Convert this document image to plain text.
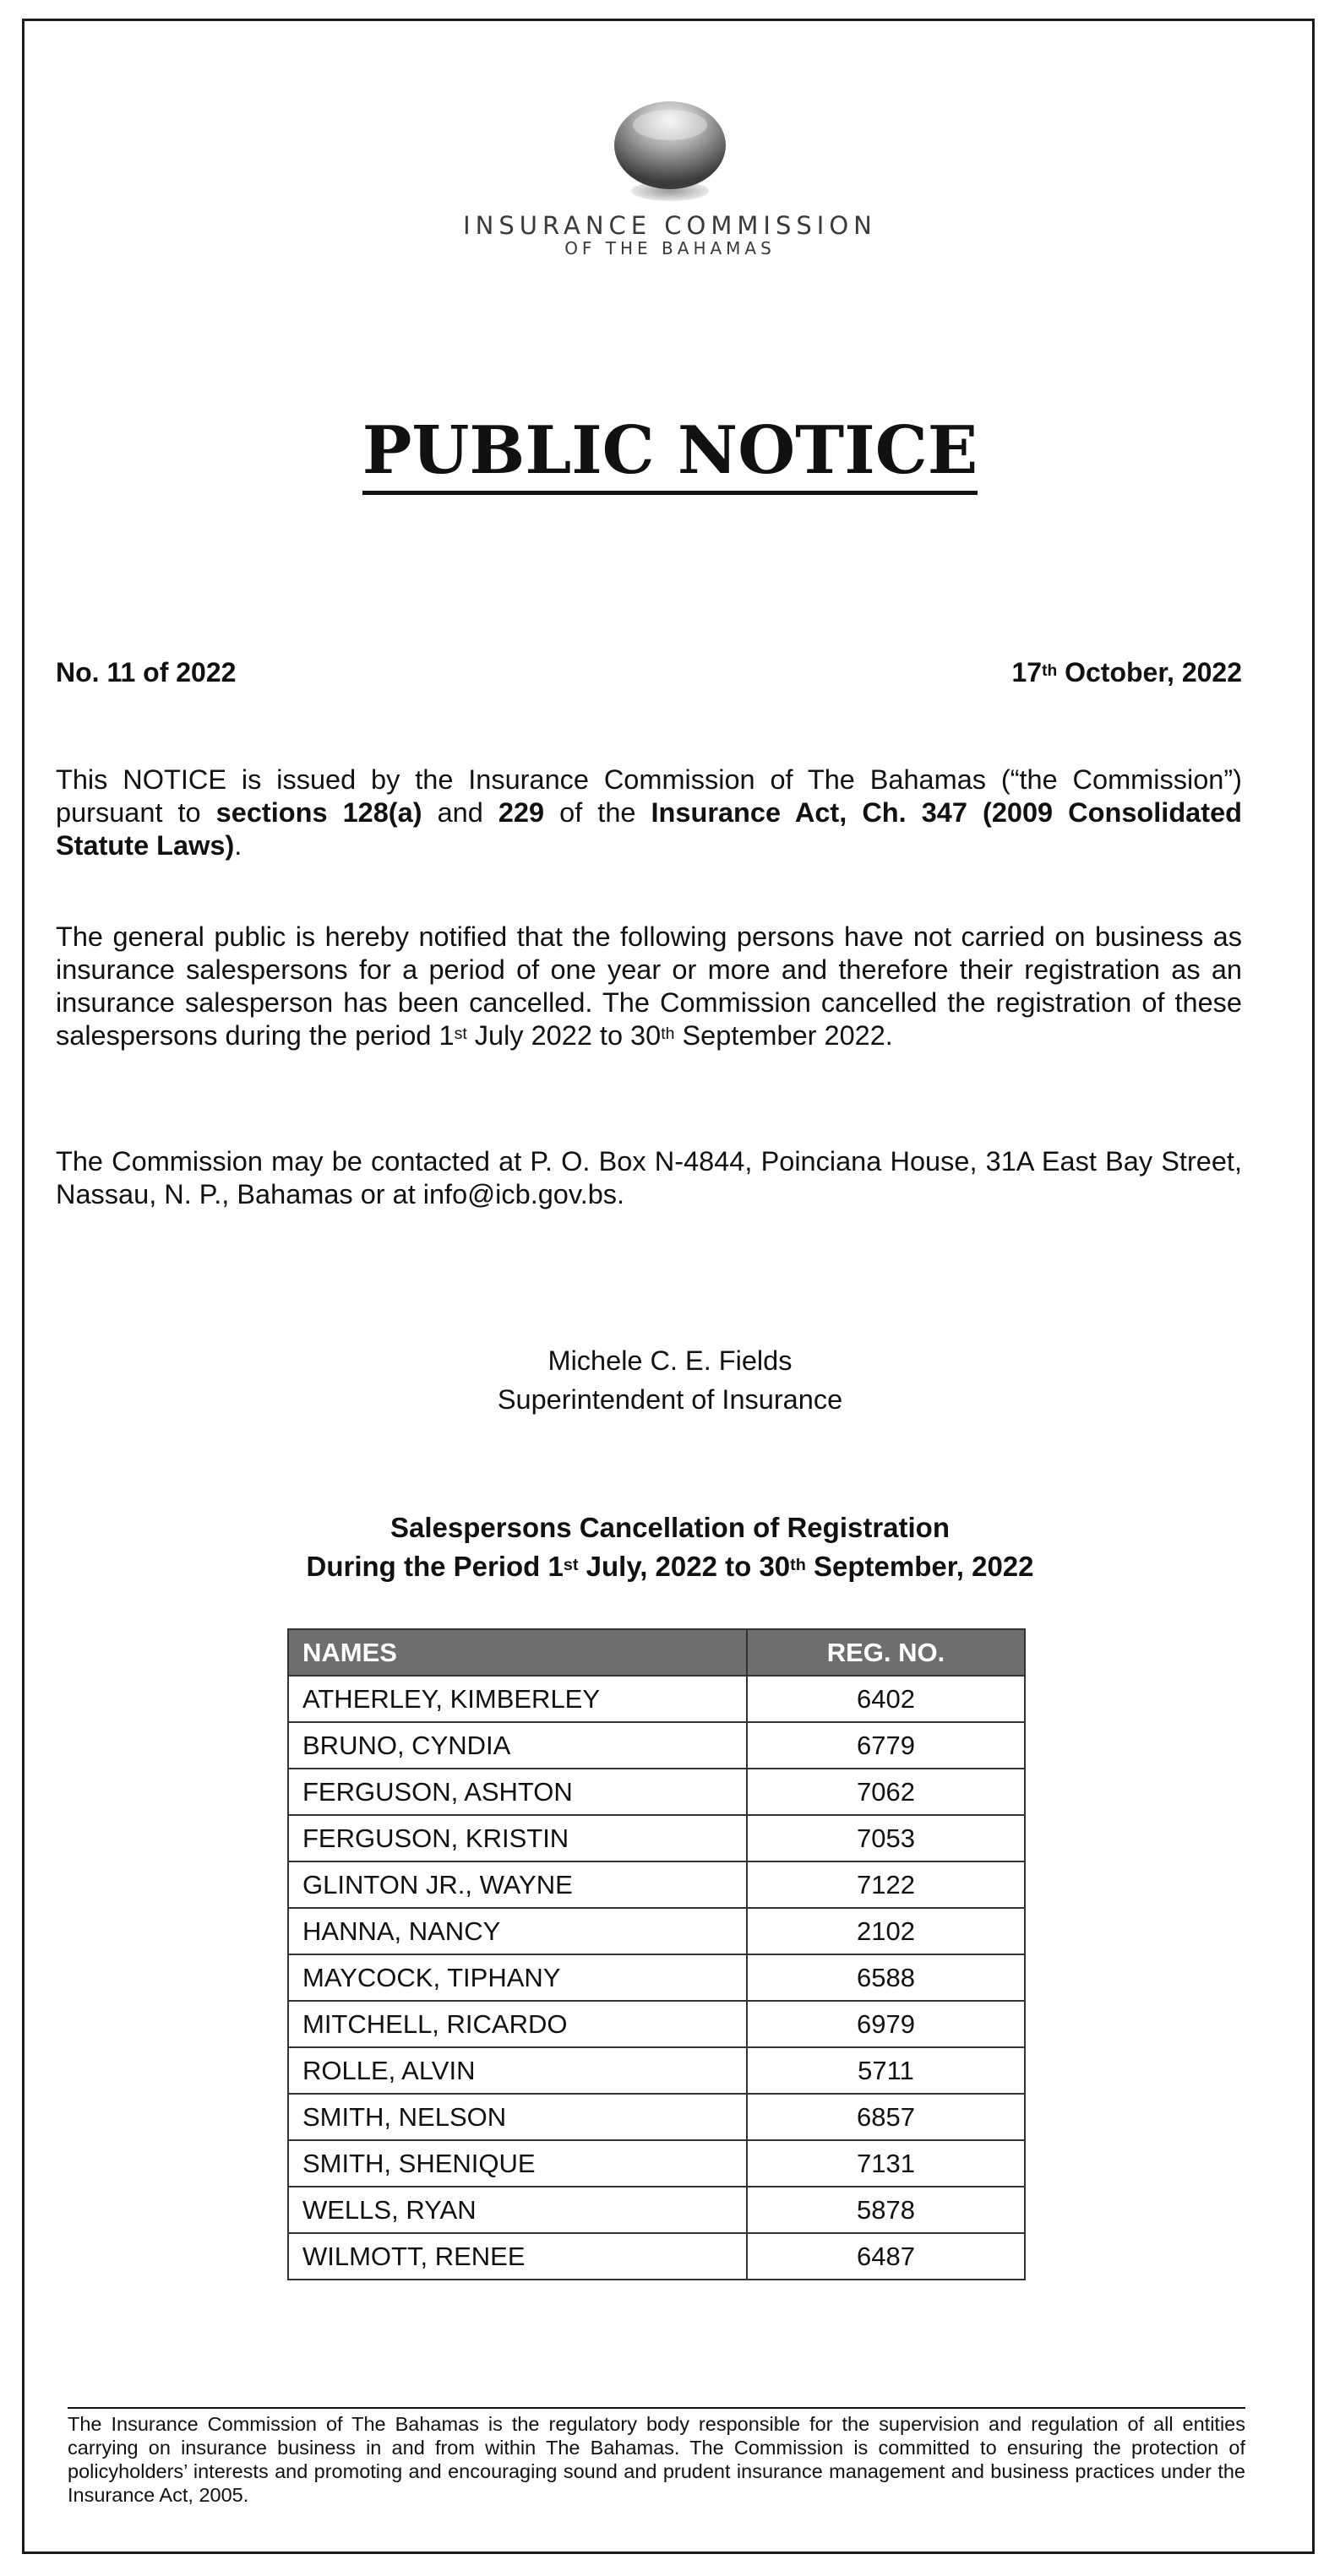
INSURANCE COMMISSION
OF THE BAHAMAS
PUBLIC NOTICE
No. 11 of 2022	17th October, 2022
This NOTICE is issued by the Insurance Commission of The Bahamas (“the Commission”) pursuant to sections 128(a) and 229 of the Insurance Act, Ch. 347 (2009 Consolidated Statute Laws).
The general public is hereby notified that the following persons have not carried on business as insurance salespersons for a period of one year or more and therefore their registration as an insurance salesperson has been cancelled. The Commission cancelled the registration of these salespersons during the period 1st July 2022 to 30th September 2022.
The Commission may be contacted at P. O. Box N-4844, Poinciana House, 31A East Bay Street, Nassau, N. P., Bahamas or at info@icb.gov.bs.
Michele C. E. Fields
Superintendent of Insurance
Salespersons Cancellation of Registration
During the Period 1st July, 2022 to 30th September, 2022
NAMES	REG. NO.
ATHERLEY, KIMBERLEY	6402
BRUNO, CYNDIA	6779
FERGUSON, ASHTON	7062
FERGUSON, KRISTIN	7053
GLINTON JR., WAYNE	7122
HANNA, NANCY	2102
MAYCOCK, TIPHANY	6588
MITCHELL, RICARDO	6979
ROLLE, ALVIN	5711
SMITH, NELSON	6857
SMITH, SHENIQUE	7131
WELLS, RYAN	5878
WILMOTT, RENEE	6487
The Insurance Commission of The Bahamas is the regulatory body responsible for the supervision and regulation of all entities carrying on insurance business in and from within The Bahamas. The Commission is committed to ensuring the protection of policyholders’ interests and promoting and encouraging sound and prudent insurance management and business practices under the Insurance Act, 2005.
